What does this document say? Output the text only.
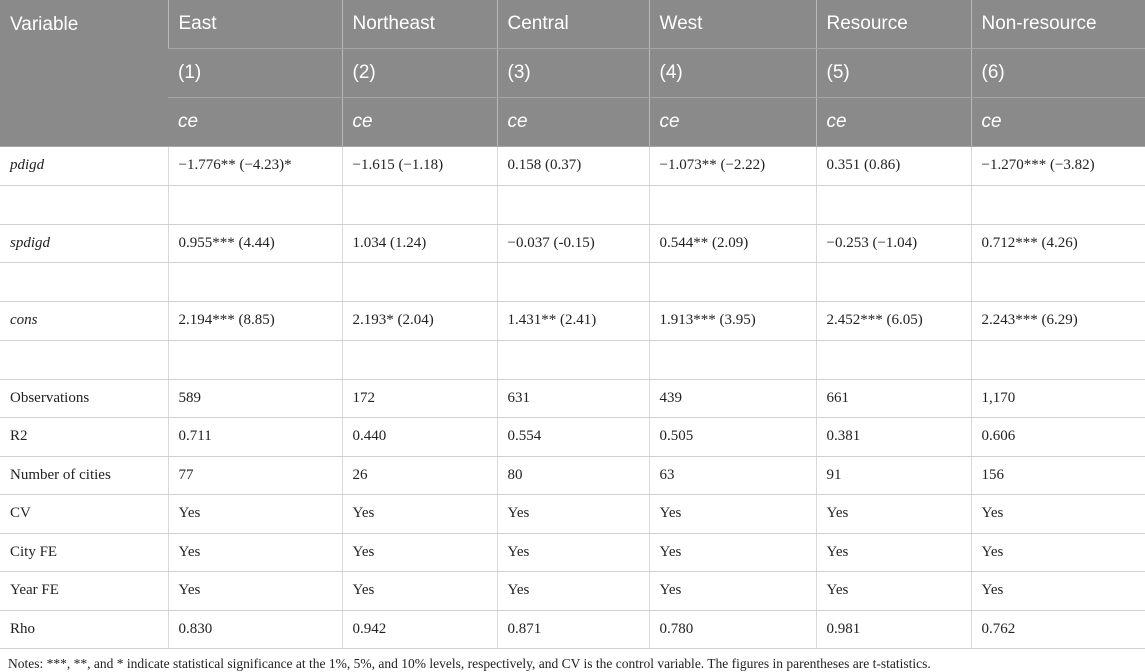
Variable	East	Northeast	Central	West	Resource	Non-resource
	(1)	(2)	(3)	(4)	(5)	(6)
	ce	ce	ce	ce	ce	ce
pdigd	−1.776** (−4.23)*	−1.615 (−1.18)	0.158 (0.37)	−1.073** (−2.22)	0.351 (0.86)	−1.270*** (−3.82)

spdigd	0.955*** (4.44)	1.034 (1.24)	−0.037 (-0.15)	0.544** (2.09)	−0.253 (−1.04)	0.712*** (4.26)

cons	2.194*** (8.85)	2.193* (2.04)	1.431** (2.41)	1.913*** (3.95)	2.452*** (6.05)	2.243*** (6.29)

Observations	589	172	631	439	661	1,170
R2	0.711	0.440	0.554	0.505	0.381	0.606
Number of cities	77	26	80	63	91	156
CV	Yes	Yes	Yes	Yes	Yes	Yes
City FE	Yes	Yes	Yes	Yes	Yes	Yes
Year FE	Yes	Yes	Yes	Yes	Yes	Yes
Rho	0.830	0.942	0.871	0.780	0.981	0.762
Notes: ***, **, and * indicate statistical significance at the 1%, 5%, and 10% levels, respectively, and CV is the control variable. The figures in parentheses are t-statistics.
